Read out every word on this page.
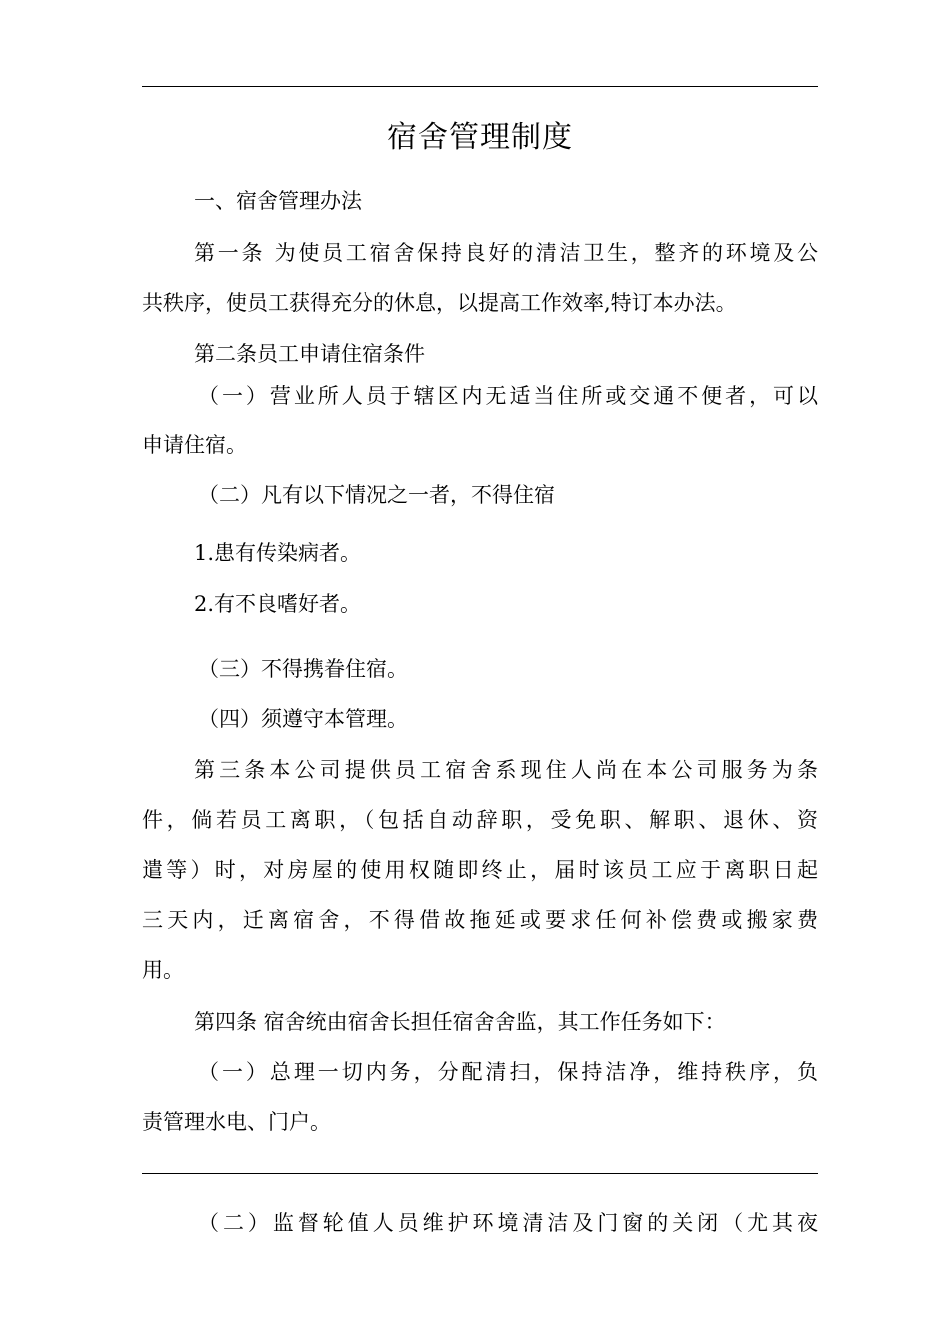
宿舍管理制度
一、宿舍管理办法
第一条 为使员工宿舍保持良好的清洁卫生，整齐的环境及公
共秩序，使员工获得充分的休息，以提高工作效率,特订本办法。
第二条员工申请住宿条件
（一）营业所人员于辖区内无适当住所或交通不便者，可以
申请住宿。
（二）凡有以下情况之一者，不得住宿
1.患有传染病者。
2.有不良嗜好者。
（三）不得携眷住宿。
（四）须遵守本管理。
第三条本公司提供员工宿舍系现住人尚在本公司服务为条
件，倘若员工离职，（包括自动辞职，受免职、解职、退休、资
遣等）时，对房屋的使用权随即终止，届时该员工应于离职日起
三天内，迁离宿舍，不得借故拖延或要求任何补偿费或搬家费
用。
第四条 宿舍统由宿舍长担任宿舍舍监，其工作任务如下：
（一）总理一切内务，分配清扫，保持洁净，维持秩序，负
责管理水电、门户。
（二）监督轮值人员维护环境清洁及门窗的关闭（尤其夜
